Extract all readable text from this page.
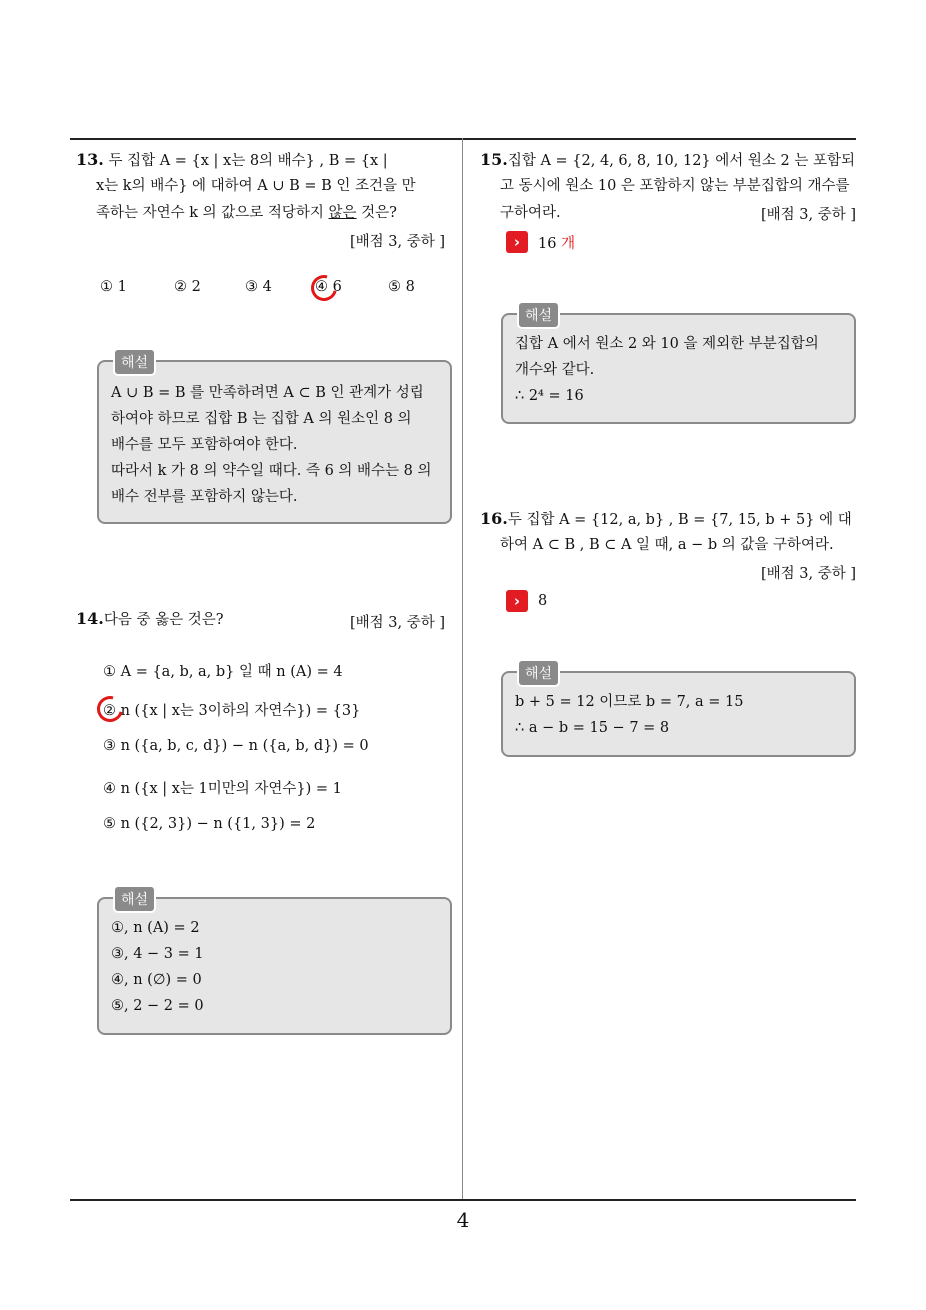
13. 두 집합 A = {x | x는 8의 배수} , B = {x |
x는 k의 배수} 에 대하여 A ∪ B = B 인 조건을 만
족하는 자연수 k 의 값으로 적당하지 않은 것은?
[배점 3, 중하 ]
① 1	② 2	③ 4	④ 6	⑤ 8
해설
A ∪ B = B 를 만족하려면 A ⊂ B 인 관계가 성립
하여야 하므로 집합 B 는 집합 A 의 원소인 8 의
배수를 모두 포함하여야 한다.
따라서 k 가 8 의 약수일 때다. 즉 6 의 배수는 8 의
배수 전부를 포함하지 않는다.
14.다음 중 옳은 것은?	[배점 3, 중하 ]
① A = {a, b, a, b} 일 때 n (A) = 4
② n ({x | x는 3이하의 자연수}) = {3}
③ n ({a, b, c, d}) − n ({a, b, d}) = 0
④ n ({x | x는 1미만의 자연수}) = 1
⑤ n ({2, 3}) − n ({1, 3}) = 2
해설
①, n (A) = 2
③, 4 − 3 = 1
④, n (∅) = 0
⑤, 2 − 2 = 0
15.집합 A = {2, 4, 6, 8, 10, 12} 에서 원소 2 는 포함되
고 동시에 원소 10 은 포함하지 않는 부분집합의 개수를
구하여라.	[배점 3, 중하 ]
›	16 개
해설
집합 A 에서 원소 2 와 10 을 제외한 부분집합의
개수와 같다.
∴ 2⁴ = 16
16.두 집합 A = {12, a, b} , B = {7, 15, b + 5} 에 대
하여 A ⊂ B , B ⊂ A 일 때, a − b 의 값을 구하여라.
[배점 3, 중하 ]
›	8
해설
b + 5 = 12 이므로 b = 7, a = 15
∴ a − b = 15 − 7 = 8
4
